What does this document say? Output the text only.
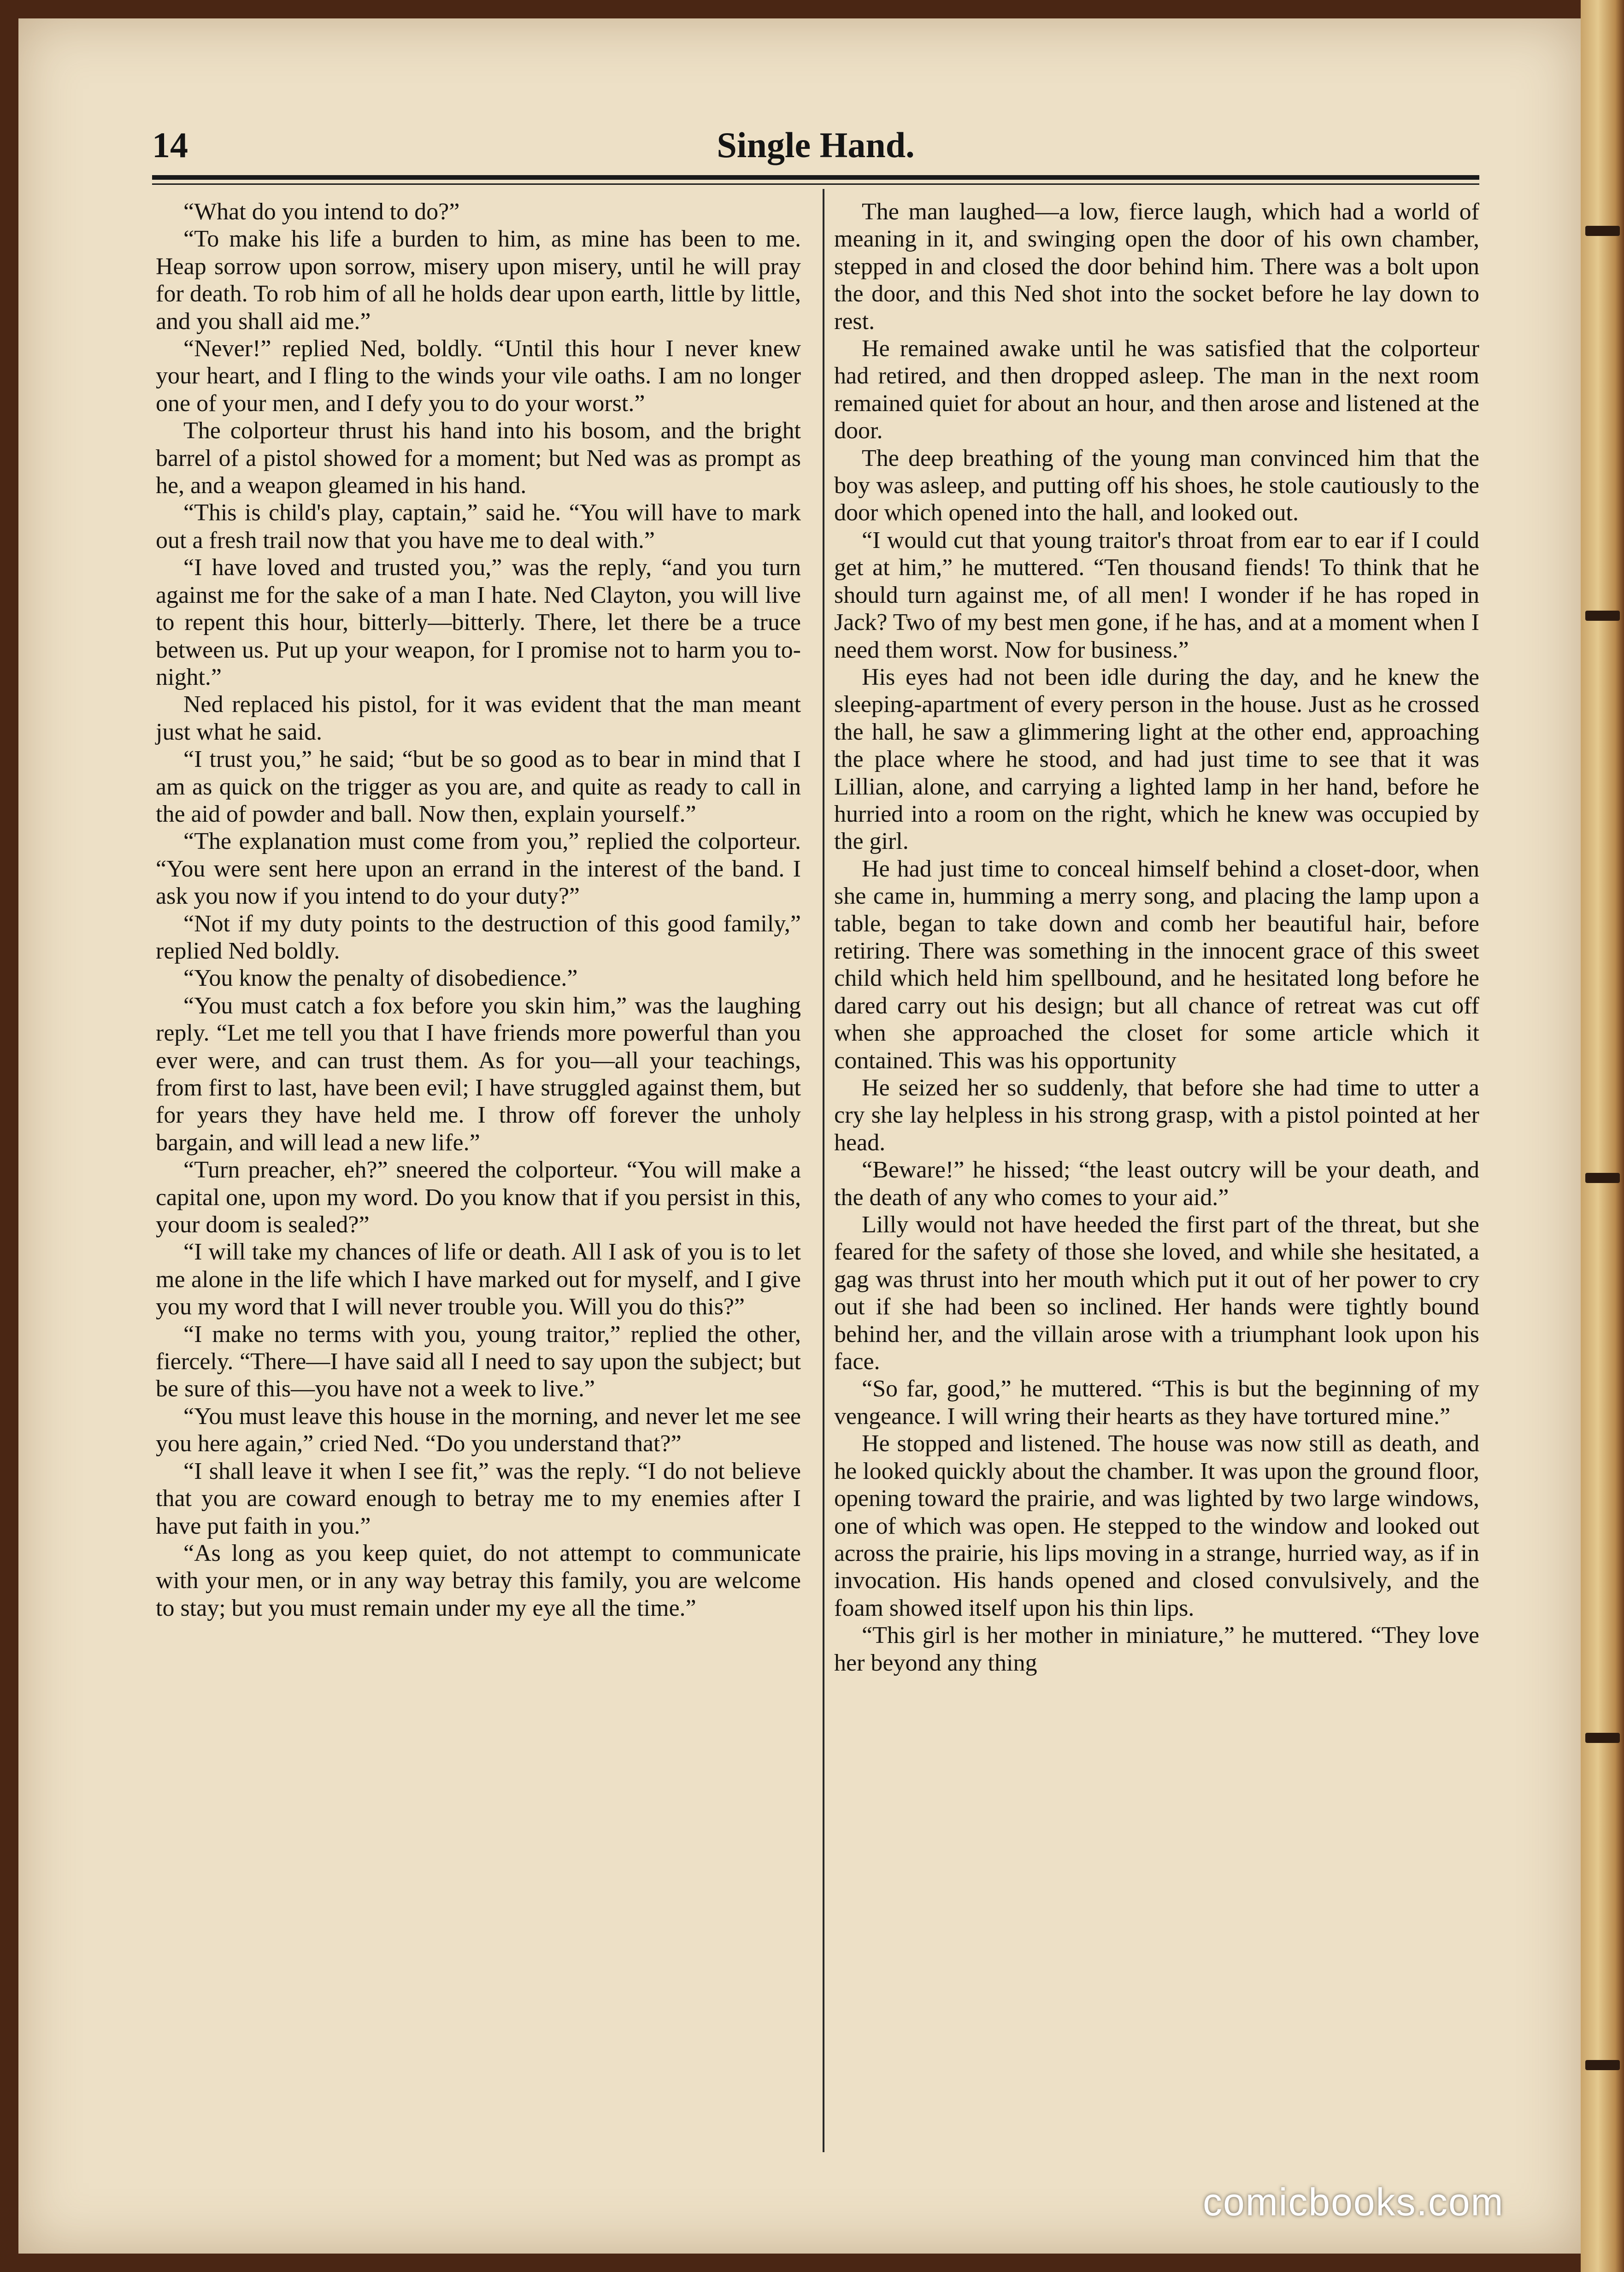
14	Single Hand.

“What do you intend to do?”

“To make his life a burden to him, as mine has been to me. Heap sorrow upon sorrow, misery upon misery, until he will pray for death. To rob him of all he holds dear upon earth, little by little, and you shall aid me.”

“Never!” replied Ned, boldly. “Until this hour I never knew your heart, and I fling to the winds your vile oaths. I am no longer one of your men, and I defy you to do your worst.”

The colporteur thrust his hand into his bosom, and the bright barrel of a pistol showed for a moment; but Ned was as prompt as he, and a weapon gleamed in his hand.

“This is child's play, captain,” said he. “You will have to mark out a fresh trail now that you have me to deal with.”

“I have loved and trusted you,” was the reply, “and you turn against me for the sake of a man I hate. Ned Clayton, you will live to repent this hour, bitterly—bitterly. There, let there be a truce between us. Put up your weapon, for I promise not to harm you to-night.”

Ned replaced his pistol, for it was evident that the man meant just what he said.

“I trust you,” he said; “but be so good as to bear in mind that I am as quick on the trigger as you are, and quite as ready to call in the aid of powder and ball. Now then, explain yourself.”

“The explanation must come from you,” replied the colporteur. “You were sent here upon an errand in the interest of the band. I ask you now if you intend to do your duty?”

“Not if my duty points to the destruction of this good family,” replied Ned boldly.

“You know the penalty of disobedience.”

“You must catch a fox before you skin him,” was the laughing reply. “Let me tell you that I have friends more powerful than you ever were, and can trust them. As for you—all your teachings, from first to last, have been evil; I have struggled against them, but for years they have held me. I throw off forever the unholy bargain, and will lead a new life.”

“Turn preacher, eh?” sneered the colporteur. “You will make a capital one, upon my word. Do you know that if you persist in this, your doom is sealed?”

“I will take my chances of life or death. All I ask of you is to let me alone in the life which I have marked out for myself, and I give you my word that I will never trouble you. Will you do this?”

“I make no terms with you, young traitor,” replied the other, fiercely. “There—I have said all I need to say upon the subject; but be sure of this—you have not a week to live.”

“You must leave this house in the morning, and never let me see you here again,” cried Ned. “Do you understand that?”

“I shall leave it when I see fit,” was the reply. “I do not believe that you are coward enough to betray me to my enemies after I have put faith in you.”

“As long as you keep quiet, do not attempt to communicate with your men, or in any way betray this family, you are welcome to stay; but you must remain under my eye all the time.”

The man laughed—a low, fierce laugh, which had a world of meaning in it, and swinging open the door of his own chamber, stepped in and closed the door behind him. There was a bolt upon the door, and this Ned shot into the socket before he lay down to rest.

He remained awake until he was satisfied that the colporteur had retired, and then dropped asleep. The man in the next room remained quiet for about an hour, and then arose and listened at the door.

The deep breathing of the young man convinced him that the boy was asleep, and putting off his shoes, he stole cautiously to the door which opened into the hall, and looked out.

“I would cut that young traitor's throat from ear to ear if I could get at him,” he muttered. “Ten thousand fiends! To think that he should turn against me, of all men! I wonder if he has roped in Jack? Two of my best men gone, if he has, and at a moment when I need them worst. Now for business.”

His eyes had not been idle during the day, and he knew the sleeping-apartment of every person in the house. Just as he crossed the hall, he saw a glimmering light at the other end, approaching the place where he stood, and had just time to see that it was Lillian, alone, and carrying a lighted lamp in her hand, before he hurried into a room on the right, which he knew was occupied by the girl.

He had just time to conceal himself behind a closet-door, when she came in, humming a merry song, and placing the lamp upon a table, began to take down and comb her beautiful hair, before retiring. There was something in the innocent grace of this sweet child which held him spellbound, and he hesitated long before he dared carry out his design; but all chance of retreat was cut off when she approached the closet for some article which it contained. This was his opportunity

He seized her so suddenly, that before she had time to utter a cry she lay helpless in his strong grasp, with a pistol pointed at her head.

“Beware!” he hissed; “the least outcry will be your death, and the death of any who comes to your aid.”

Lilly would not have heeded the first part of the threat, but she feared for the safety of those she loved, and while she hesitated, a gag was thrust into her mouth which put it out of her power to cry out if she had been so inclined. Her hands were tightly bound behind her, and the villain arose with a triumphant look upon his face.

“So far, good,” he muttered. “This is but the beginning of my vengeance. I will wring their hearts as they have tortured mine.”

He stopped and listened. The house was now still as death, and he looked quickly about the chamber. It was upon the ground floor, opening toward the prairie, and was lighted by two large windows, one of which was open. He stepped to the window and looked out across the prairie, his lips moving in a strange, hurried way, as if in invocation. His hands opened and closed convulsively, and the foam showed itself upon his thin lips.

“This girl is her mother in miniature,” he muttered. “They love her beyond any thing

comicbooks.com
